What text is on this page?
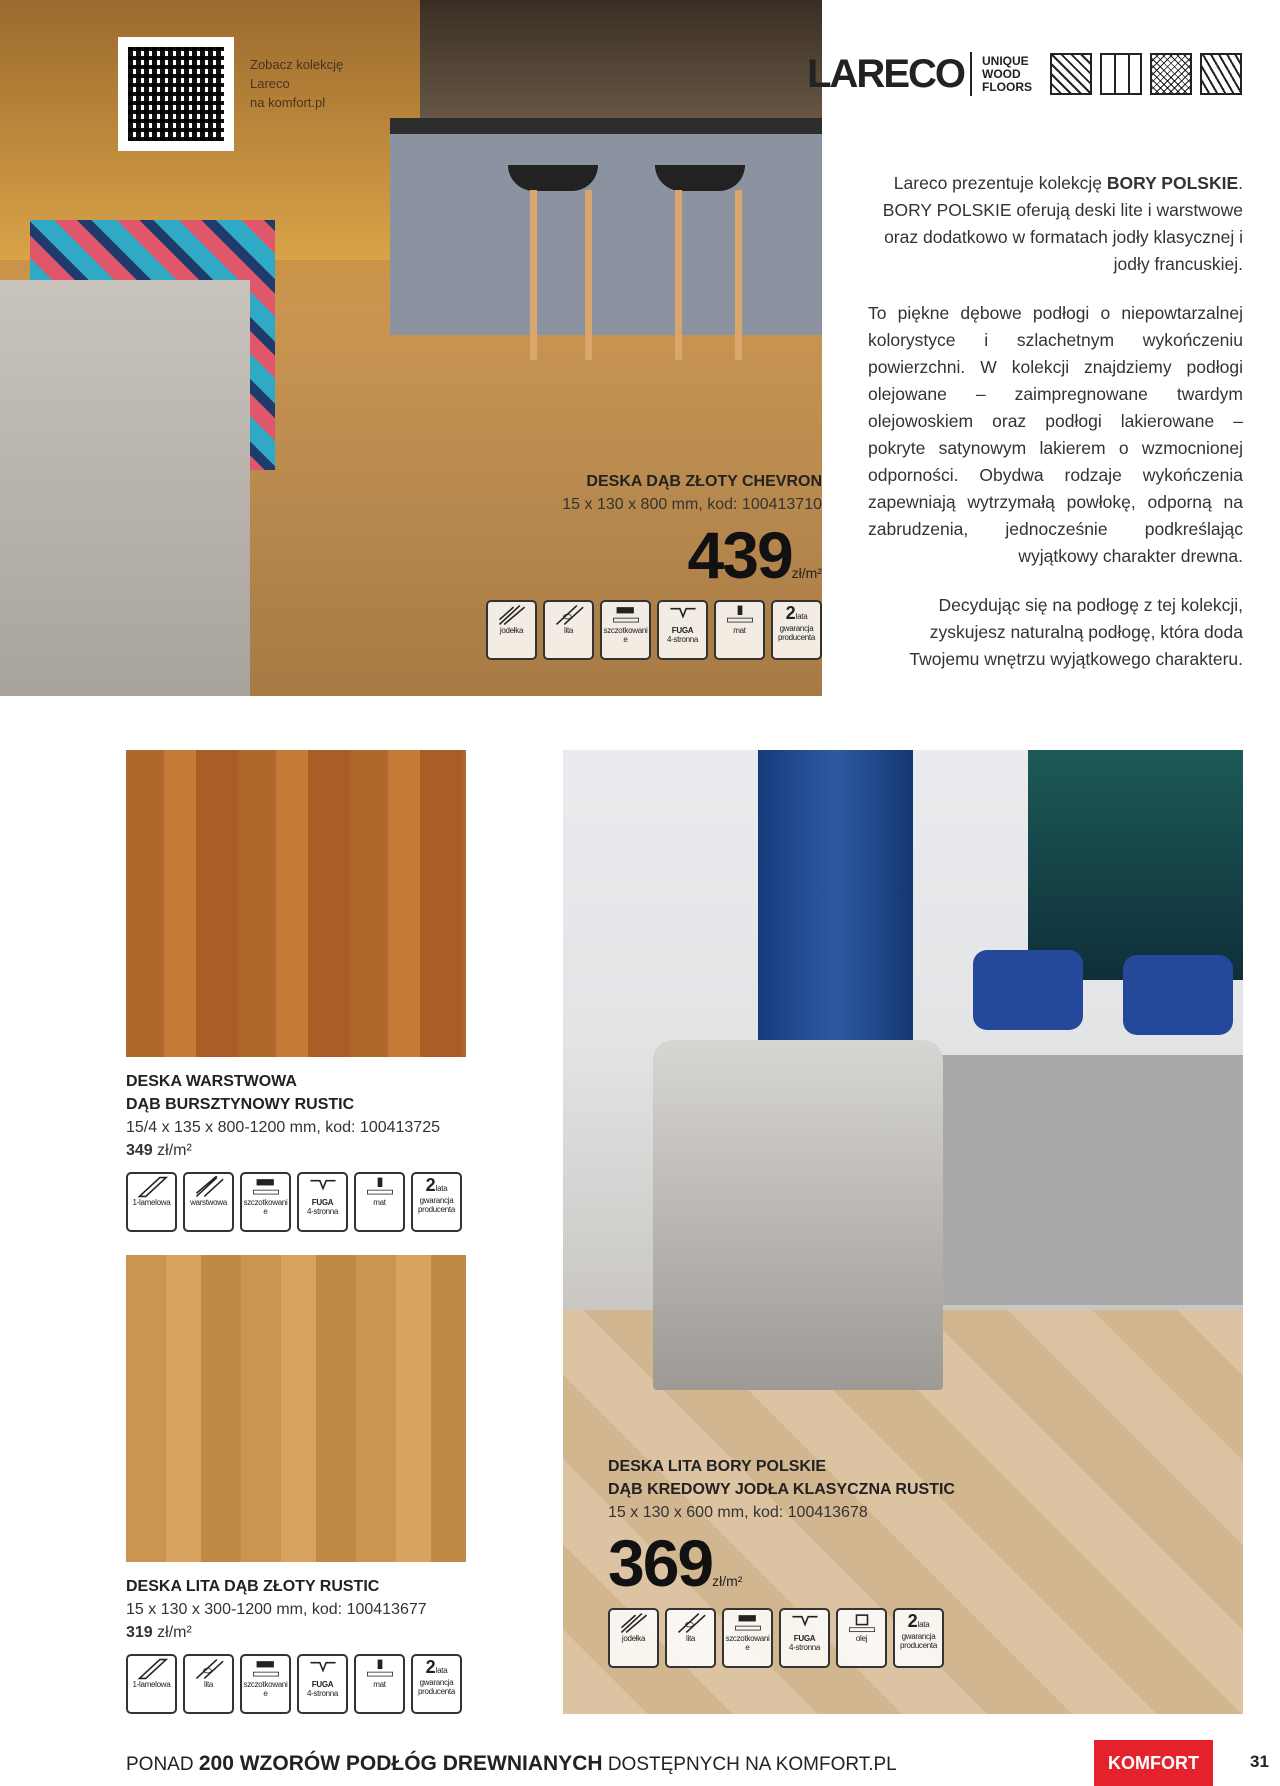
Zobacz kolekcję
Lareco
na komfort.pl
DESKA DĄB ZŁOTY CHEVRON
15 x 130 x 800 mm, kod: 100413710
439zł/m²
jodełka	lita	szczotkowanie
FUGA
4-stronna
mat
2lata
gwarancja producenta
LARECO	UNIQUE
WOOD
FLOORS

Lareco prezentuje kolekcję BORY POLSKIE. BORY POLSKIE oferują deski lite i warstwowe oraz dodatkowo w formatach jodły klasycznej i jodły francuskiej.

To piękne dębowe podłogi o niepowtarzalnej kolorystyce i szlachetnym wykończeniu powierzchni. W kolekcji znajdziemy podłogi olejowane – zaimpregnowane twardym olejowoskiem oraz podłogi lakierowane – pokryte satynowym lakierem o wzmocnionej odporności. Obydwa rodzaje wykończenia zapewniają wytrzymałą powłokę, odporną na zabrudzenia, jednocześnie podkreślając wyjątkowy charakter drewna.

Decydując się na podłogę z tej kolekcji, zyskujesz naturalną podłogę, która doda Twojemu wnętrzu wyjątkowego charakteru.

DESKA WARSTWOWA
DĄB BURSZTYNOWY RUSTIC
15/4 x 135 x 800-1200 mm, kod: 100413725
349 zł/m²
1-lamelowa	warstwowa	szczotkowanie
FUGA
4-stronna
mat
2lata
gwarancja producenta
DESKA LITA DĄB ZŁOTY RUSTIC
15 x 130 x 300-1200 mm, kod: 100413677
319 zł/m²
1-lamelowa	lita	szczotkowanie
FUGA
4-stronna
mat
2lata
gwarancja producenta
DESKA LITA BORY POLSKIE
DĄB KREDOWY JODŁA KLASYCZNA RUSTIC
15 x 130 x 600 mm, kod: 100413678
369zł/m²
jodełka	lita	szczotkowanie
FUGA
4-stronna
olej
2lata
gwarancja producenta
PONAD 200 WZORÓW PODŁÓG DREWNIANYCH DOSTĘPNYCH NA KOMFORT.PL	KOMFORT	31
